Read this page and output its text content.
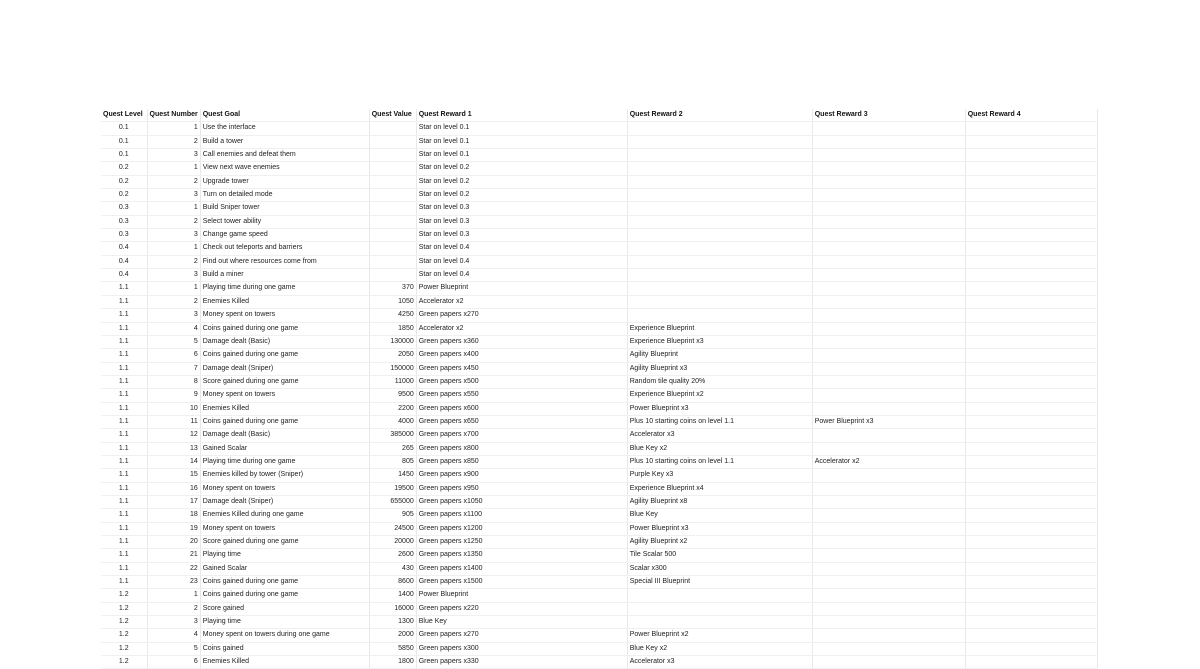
Quest Level	Quest Number	Quest Goal	Quest Value	Quest Reward 1	Quest Reward 2	Quest Reward 3	Quest Reward 4
0.1	1	Use the interface		Star on level 0.1			
0.1	2	Build a tower		Star on level 0.1			
0.1	3	Call enemies and defeat them		Star on level 0.1			
0.2	1	View next wave enemies		Star on level 0.2			
0.2	2	Upgrade tower		Star on level 0.2			
0.2	3	Turn on detailed mode		Star on level 0.2			
0.3	1	Build Sniper tower		Star on level 0.3			
0.3	2	Select tower ability		Star on level 0.3			
0.3	3	Change game speed		Star on level 0.3			
0.4	1	Check out teleports and barriers		Star on level 0.4			
0.4	2	Find out where resources come from		Star on level 0.4			
0.4	3	Build a miner		Star on level 0.4			
1.1	1	Playing time during one game	370	Power Blueprint			
1.1	2	Enemies Killed	1050	Accelerator x2			
1.1	3	Money spent on towers	4250	Green papers x270			
1.1	4	Coins gained during one game	1850	Accelerator x2	Experience Blueprint		
1.1	5	Damage dealt (Basic)	130000	Green papers x360	Experience Blueprint x3		
1.1	6	Coins gained during one game	2050	Green papers x400	Agility Blueprint		
1.1	7	Damage dealt (Sniper)	150000	Green papers x450	Agility Blueprint x3		
1.1	8	Score gained during one game	11000	Green papers x500	Random tile quality 20%		
1.1	9	Money spent on towers	9500	Green papers x550	Experience Blueprint x2		
1.1	10	Enemies Killed	2200	Green papers x600	Power Blueprint x3		
1.1	11	Coins gained during one game	4000	Green papers x650	Plus 10 starting coins on level 1.1	Power Blueprint x3	
1.1	12	Damage dealt (Basic)	385000	Green papers x700	Accelerator x3		
1.1	13	Gained Scalar	265	Green papers x800	Blue Key x2		
1.1	14	Playing time during one game	805	Green papers x850	Plus 10 starting coins on level 1.1	Accelerator x2	
1.1	15	Enemies killed by tower (Sniper)	1450	Green papers x900	Purple Key x3		
1.1	16	Money spent on towers	19500	Green papers x950	Experience Blueprint x4		
1.1	17	Damage dealt (Sniper)	655000	Green papers x1050	Agility Blueprint x8		
1.1	18	Enemies Killed during one game	905	Green papers x1100	Blue Key		
1.1	19	Money spent on towers	24500	Green papers x1200	Power Blueprint x3		
1.1	20	Score gained during one game	20000	Green papers x1250	Agility Blueprint x2		
1.1	21	Playing time	2600	Green papers x1350	Tile Scalar 500		
1.1	22	Gained Scalar	430	Green papers x1400	Scalar x300		
1.1	23	Coins gained during one game	8600	Green papers x1500	Special III Blueprint		
1.2	1	Coins gained during one game	1400	Power Blueprint			
1.2	2	Score gained	16000	Green papers x220			
1.2	3	Playing time	1300	Blue Key			
1.2	4	Money spent on towers during one game	2000	Green papers x270	Power Blueprint x2		
1.2	5	Coins gained	5850	Green papers x300	Blue Key x2		
1.2	6	Enemies Killed	1800	Green papers x330	Accelerator x3		
